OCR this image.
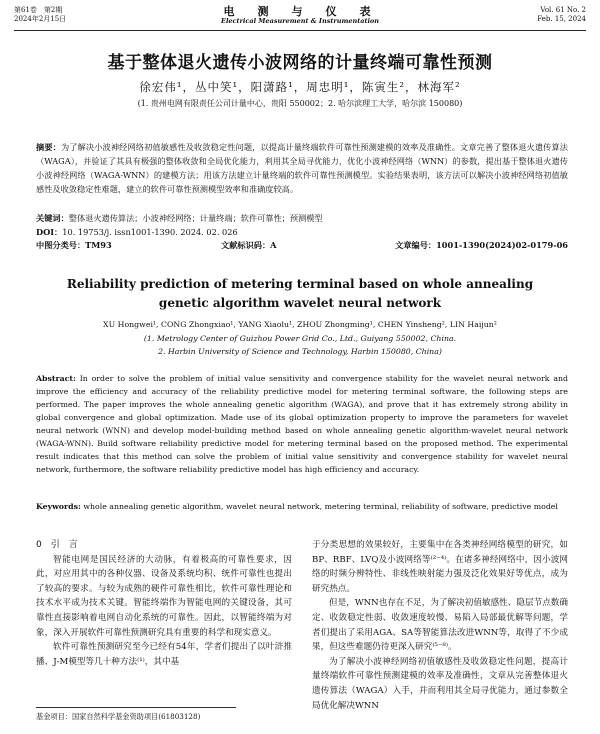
第61卷　第2期
2024年2月15日
电　测　与　仪　表
Electrical Measurement & Instrumentation
Vol. 61 No. 2
Feb. 15, 2024
基于整体退火遗传小波网络的计量终端可靠性预测
徐宏伟¹，丛中笑¹，阳潇路¹，周忠明¹，陈寅生²，林海军²
(1. 贵州电网有限责任公司计量中心，贵阳 550002；2. 哈尔滨理工大学，哈尔滨 150080)
摘要：为了解决小波神经网络初值敏感性及收敛稳定性问题，以提高计量终端软件可靠性预测建模的效率及准确性。文章完善了整体退火遗传算法（WAGA），并验证了其具有极强的整体收敛和全局优化能力，利用其全局寻优能力，优化小波神经网络（WNN）的参数，提出基于整体退火遗传小波神经网络（WAGA-WNN）的建模方法；用该方法建立计量终端的软件可靠性预测模型。实验结果表明，该方法可以解决小波神经网络初值敏感性及收敛稳定性难题，建立的软件可靠性预测模型效率和准确度较高。
关键词：整体退火遗传算法；小波神经网络；计量终端；软件可靠性；预测模型
DOI：10. 19753/j. issn1001-1390. 2024. 02. 026
中图分类号：TM93	文献标识码：A	文章编号：1001-1390(2024)02-0179-06
Reliability prediction of metering terminal based on whole annealing
genetic algorithm wavelet neural network
XU Hongwei¹, CONG Zhongxiao¹, YANG Xiaolu¹, ZHOU Zhongming¹, CHEN Yinsheng², LIN Haijun²
(1. Metrology Center of Guizhou Power Grid Co., Ltd., Guiyang 550002, China.
2. Harbin University of Science and Technology, Harbin 150080, China)
Abstract: In order to solve the problem of initial value sensitivity and convergence stability for the wavelet neural network and improve the efficiency and accuracy of the reliability predictive model for metering terminal software, the following steps are performed. The paper improves the whole annealing genetic algorithm (WAGA), and prove that it has extremely strong ability in global convergence and global optimization. Made use of its global optimization property to improve the parameters for wavelet neural network (WNN) and develop model-building method based on whole annealing genetic algorithm-wavelet neural network (WAGA-WNN). Build software reliability predictive model for metering terminal based on the proposed method. The experimental result indicates that this method can solve the problem of initial value sensitivity and convergence stability for wavelet neural network, furthermore, the software reliability predictive model has high efficiency and accuracy.
Keywords: whole annealing genetic algorithm, wavelet neural network, metering terminal, reliability of software, predictive model
0　引　言

智能电网是国民经济的大动脉，有着极高的可靠性要求，因此，对应用其中的各种仪器、设备及系统均积、统件可靠性也提出了较高的要求。与较为成熟的硬件可靠性相比，软件可靠性理论和技术水平成为技术关键。智能终端作为智能电网的关键设备，其可靠性直接影响着电网自动化系统的可靠性。因此，以智能终端为对象，深入开展软件可靠性预测研究具有重要的科学和现实意义。

软件可靠性预测研究至今已经有54年，学者们提出了以叶浒推播、J-M模型等几十种方法⁽¹⁾，其中基

于分类思想的效果较好，主要集中在各类神经网络模型的研究，如BP、RBF、LVQ及小波网络等⁽²⁻⁴⁾。在诸多神经网络中，因小波网络的时频分辨特性、非线性映射能力强及泛化效果好等优点，成为研究热点。

但是，WNN也存在不足，为了解决初值敏感性、隐层节点数确定、收敛稳定性弱、收敛速度较慢、易陷入局部最优解等问题，学者们提出了采用AGA、SA等智能算法改进WNN等，取得了不少成果，但这些难题仍待更深入研究⁽⁵⁻⁸⁾。

为了解决小波神经网络初值敏感性及收敛稳定性问题，提高计量终端软件可靠性预测建模的效率及准确性，文章从完善整体退火遗传算法（WAGA）入手，并而利用其全局寻优能力，通过参数全局优化解决WNN

基金项目：国家自然科学基金资助项目(61803128)
